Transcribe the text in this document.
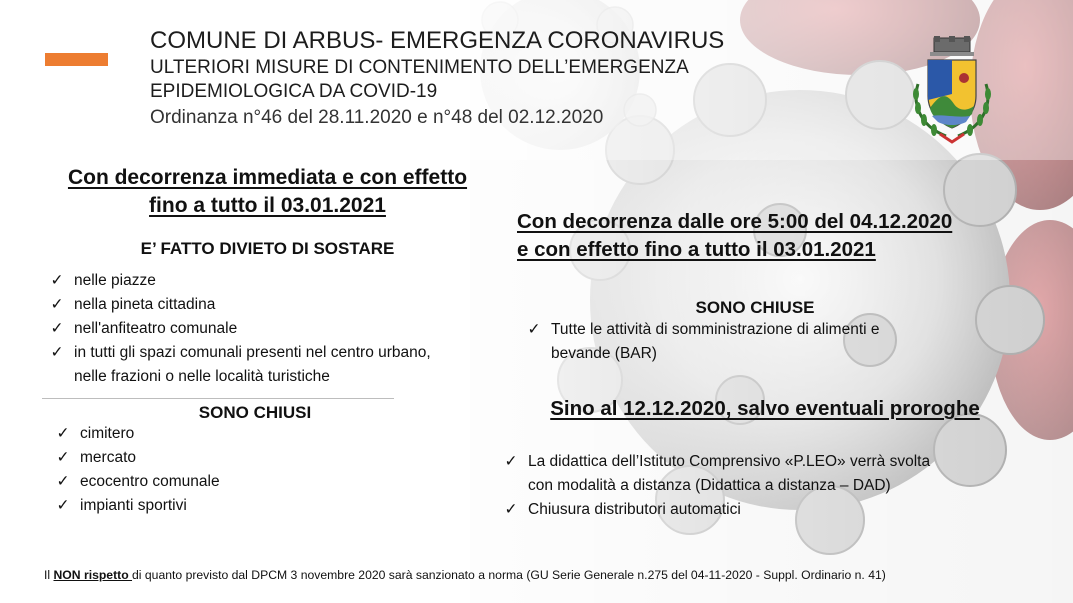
COMUNE DI ARBUS- EMERGENZA CORONAVIRUS
ULTERIORI MISURE DI CONTENIMENTO DELL’EMERGENZA
EPIDEMIOLOGICA DA COVID-19
Ordinanza n°46 del 28.11.2020 e n°48 del 02.12.2020
Con decorrenza immediata e con effetto
fino a tutto il 03.01.2021
E’ FATTO DIVIETO DI SOSTARE
✓ nelle piazze
✓ nella pineta cittadina
✓ nell'anfiteatro comunale
✓ in tutti gli spazi comunali presenti nel centro urbano,
nelle frazioni o nelle località turistiche
SONO CHIUSI
✓ cimitero
✓ mercato
✓ ecocentro comunale
✓ impianti sportivi
Con decorrenza dalle ore 5:00 del 04.12.2020
e con effetto fino a tutto il 03.01.2021
SONO CHIUSE
✓ Tutte le attività di somministrazione di alimenti e
bevande (BAR)
Sino al 12.12.2020, salvo eventuali proroghe
✓ La didattica dell’Istituto Comprensivo «P.LEO» verrà svolta
con modalità a distanza (Didattica a distanza – DAD)
✓ Chiusura distributori automatici
Il NON rispetto di quanto previsto dal DPCM 3 novembre 2020 sarà sanzionato a norma (GU Serie Generale n.275 del 04-11-2020 - Suppl. Ordinario n. 41)
